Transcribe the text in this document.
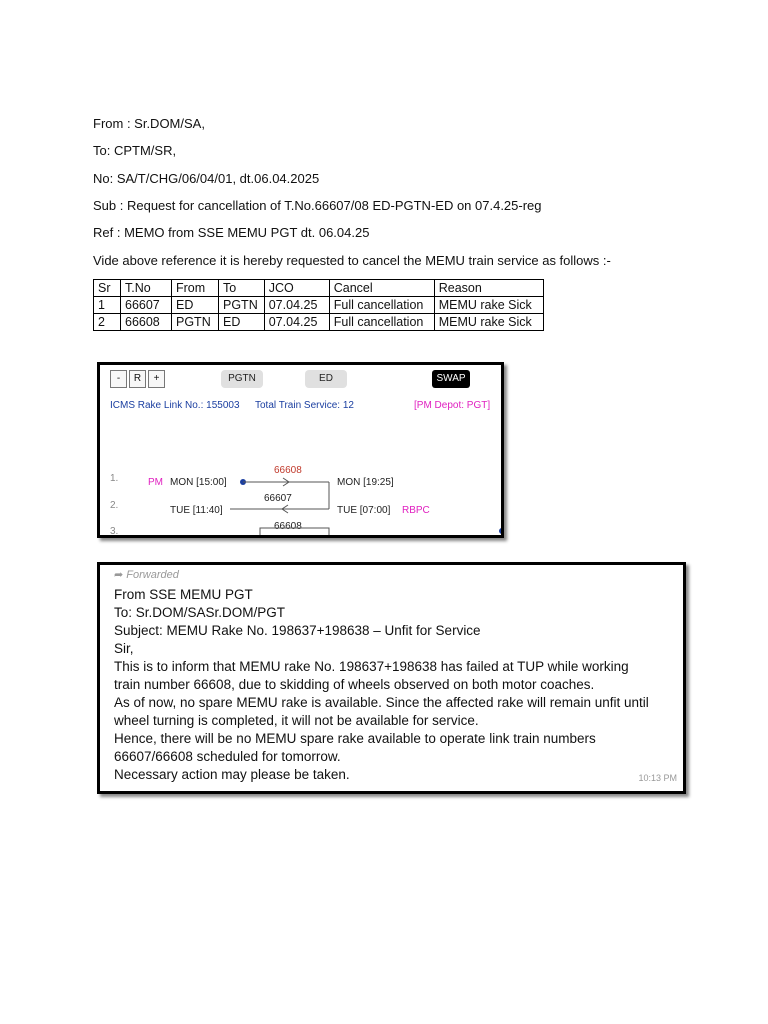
From : Sr.DOM/SA,
To: CPTM/SR,
No: SA/T/CHG/06/04/01, dt.06.04.2025
Sub : Request for cancellation of T.No.66607/08 ED-PGTN-ED on 07.4.25-reg
Ref : MEMO from SSE MEMU PGT dt. 06.04.25
Vide above reference it is hereby requested to cancel the MEMU train service as follows :-
Sr	T.No	From	To	JCO	Cancel	Reason
1	66607	ED	PGTN	07.04.25	Full cancellation	MEMU rake Sick
2	66608	PGTN	ED	07.04.25	Full cancellation	MEMU rake Sick
-	R	+	PGTN	ED	SWAP
ICMS Rake Link No.: 155003 Total Train Service: 12	[PM Depot: PGT]
1.
2.
3.
PM MON [15:00]
66608
MON [19:25]
66607
TUE [11:40]	TUE [07:00] RBPC
66608
➦ Forwarded
From SSE MEMU PGT
To: Sr.DOM/SASr.DOM/PGT
Subject: MEMU Rake No. 198637+198638 – Unfit for Service
Sir,
This is to inform that MEMU rake No. 198637+198638 has failed at TUP while working
train number 66608, due to skidding of wheels observed on both motor coaches.
As of now, no spare MEMU rake is available. Since the affected rake will remain unfit until
wheel turning is completed, it will not be available for service.
Hence, there will be no MEMU spare rake available to operate link train numbers
66607/66608 scheduled for tomorrow.
Necessary action may please be taken.	10:13 PM
